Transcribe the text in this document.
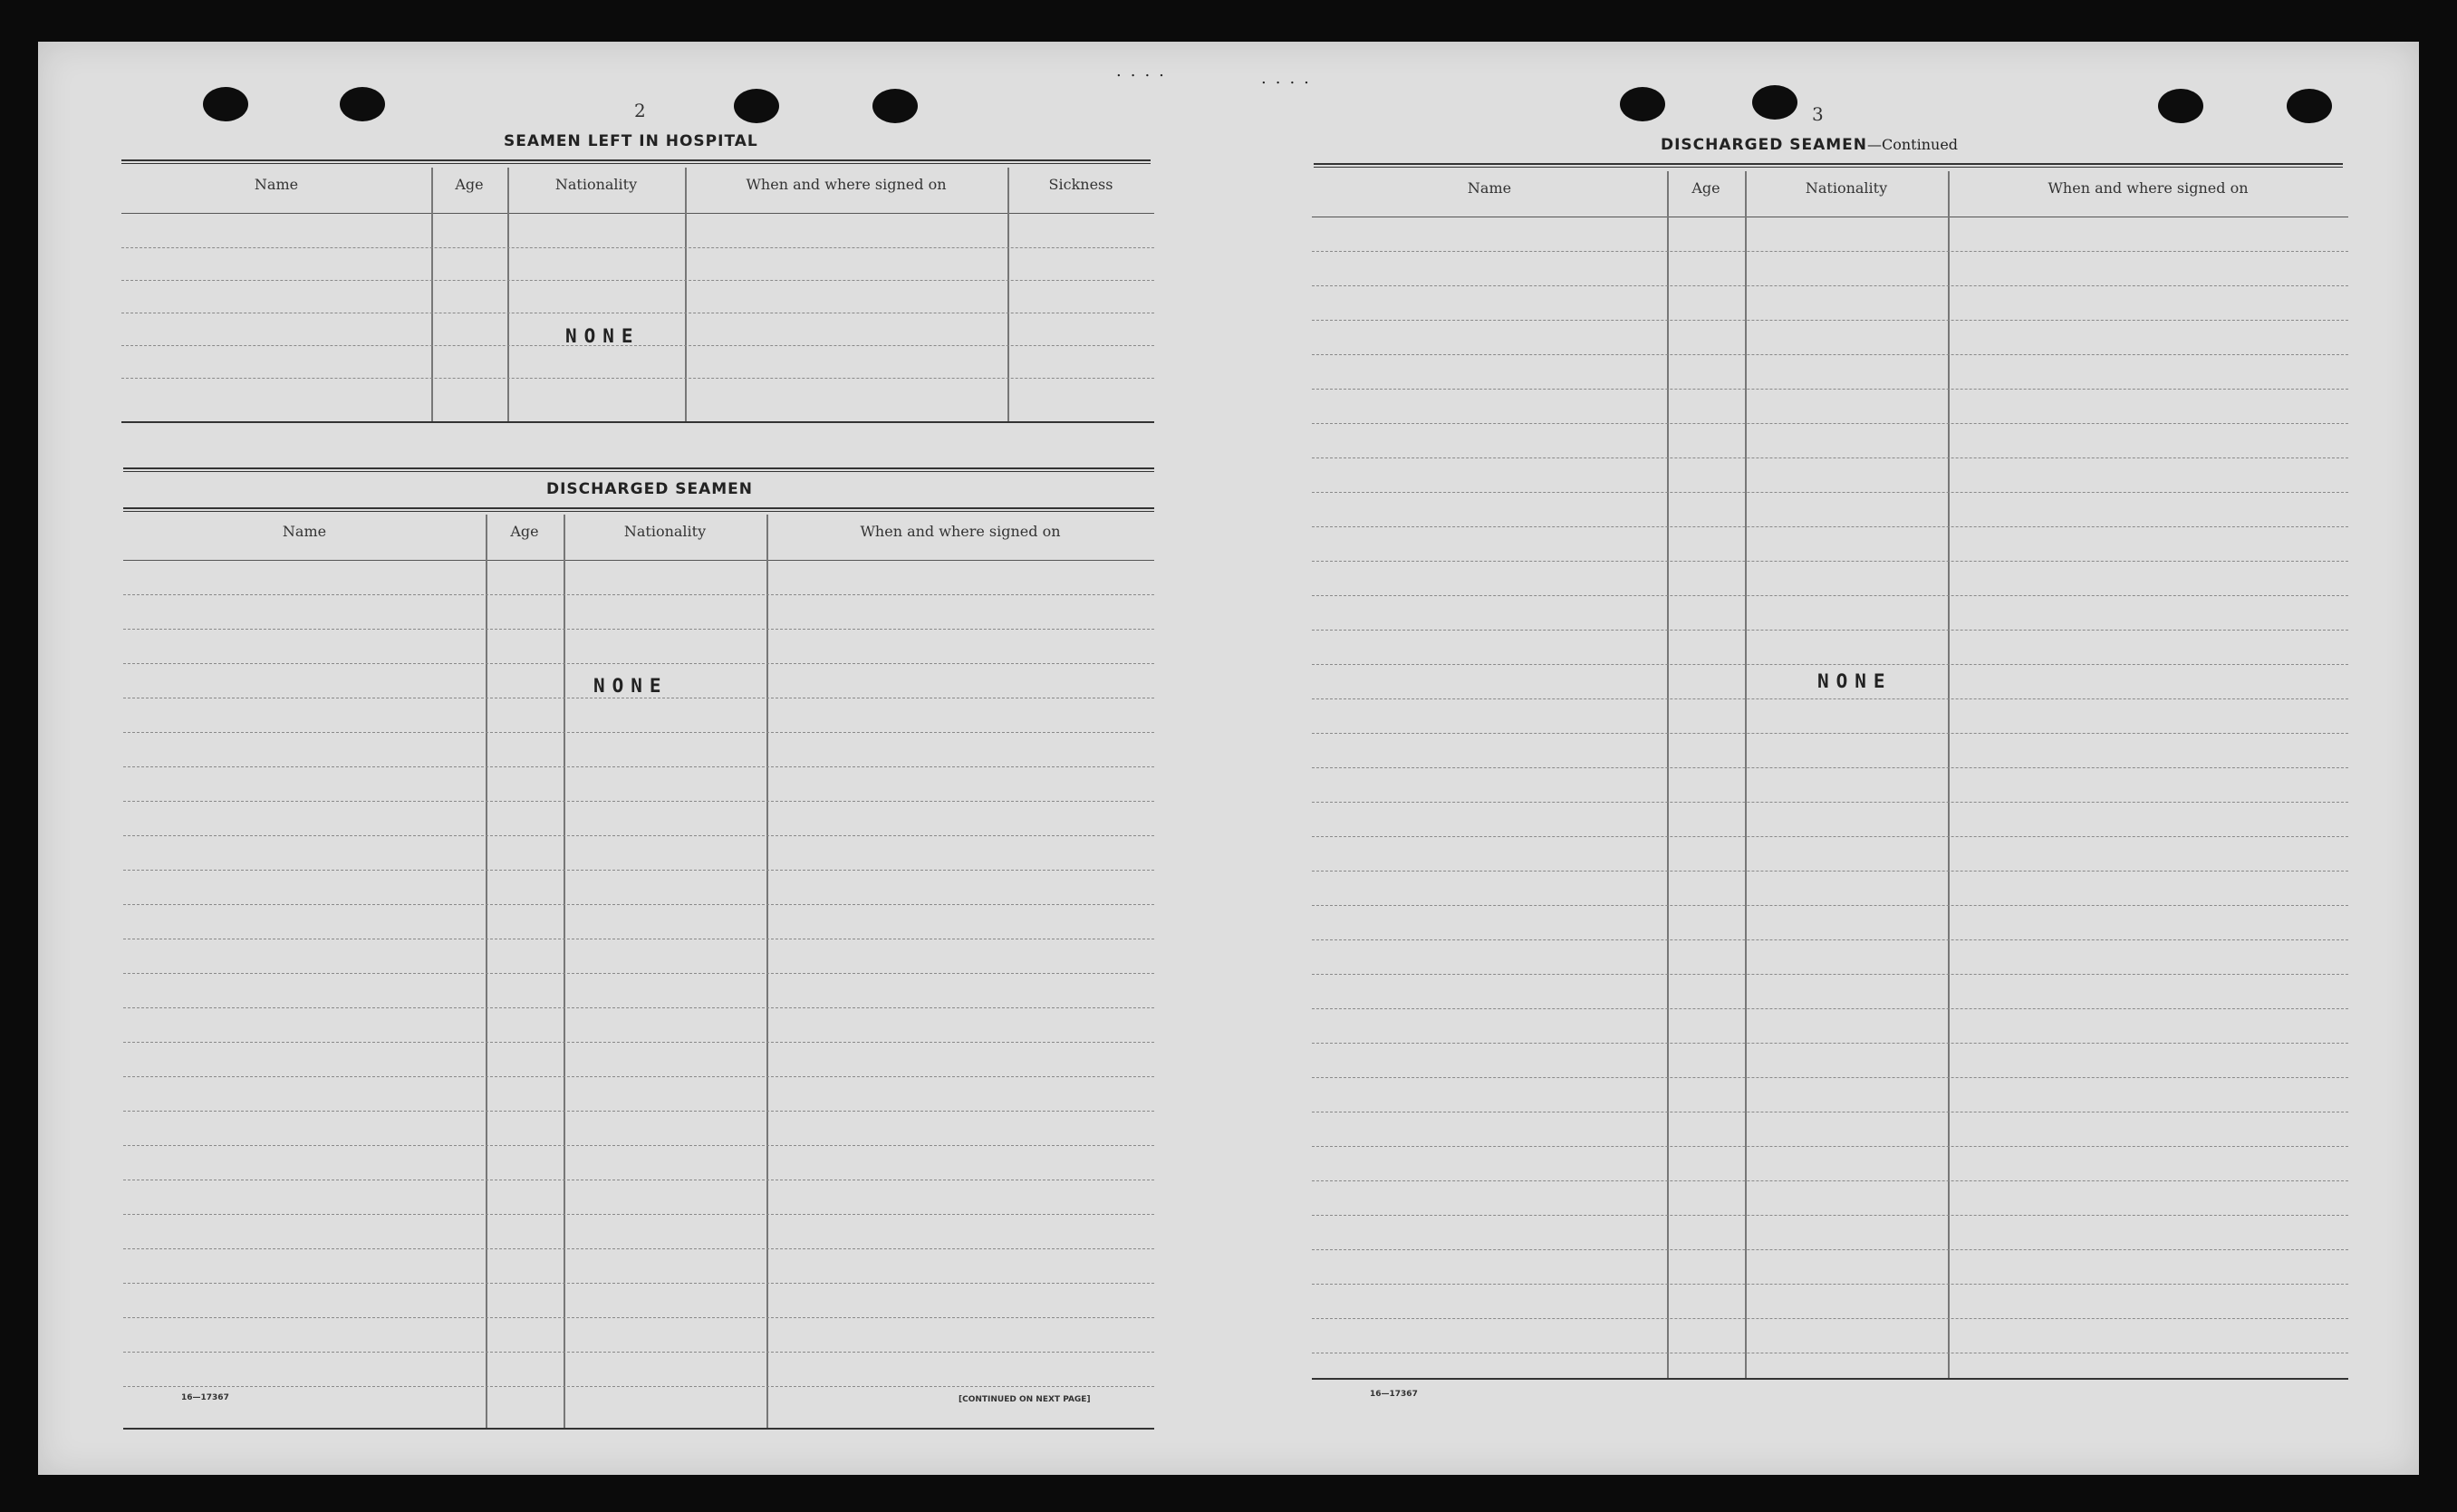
....	....
2
SEAMEN LEFT IN HOSPITAL
Name	Age	Nationality	When and where signed on	Sickness
NONE
DISCHARGED SEAMEN
Name	Age	Nationality	When and where signed on
NONE
16—17367	[CONTINUED ON NEXT PAGE]
3
DISCHARGED SEAMEN—Continued
Name	Age	Nationality	When and where signed on
NONE
16—17367
